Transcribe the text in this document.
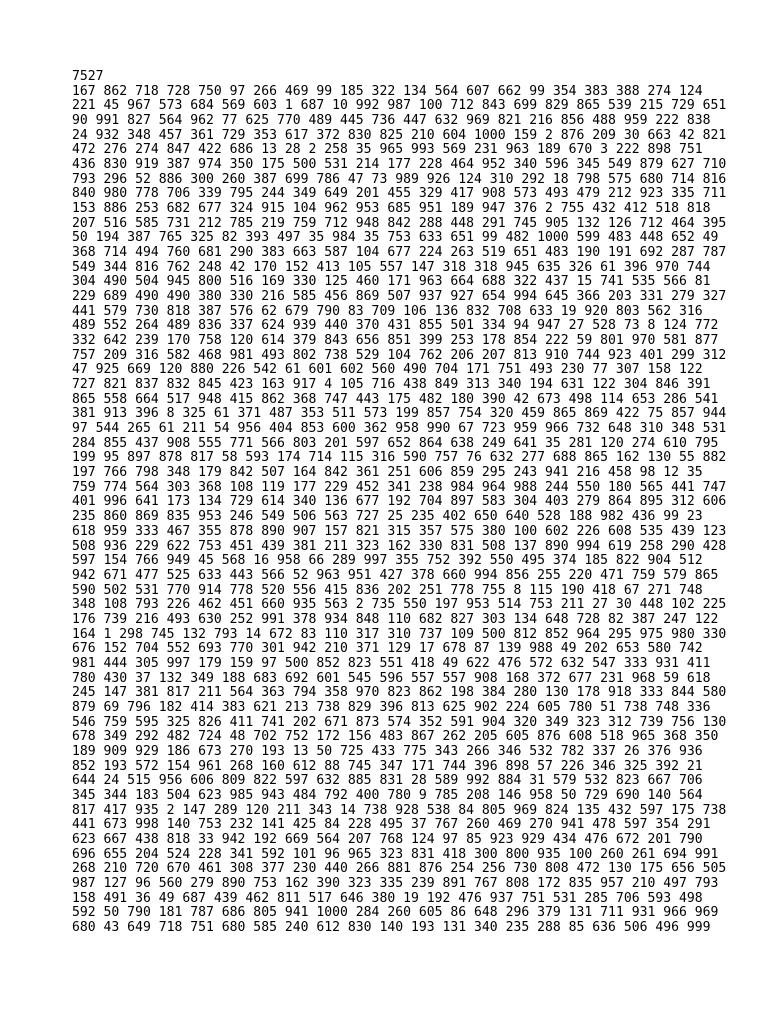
7527
167 862 718 728 750 97 266 469 99 185 322 134 564 607 662 99 354 383 388 274 124
221 45 967 573 684 569 603 1 687 10 992 987 100 712 843 699 829 865 539 215 729 651
90 991 827 564 962 77 625 770 489 445 736 447 632 969 821 216 856 488 959 222 838
24 932 348 457 361 729 353 617 372 830 825 210 604 1000 159 2 876 209 30 663 42 821
472 276 274 847 422 686 13 28 2 258 35 965 993 569 231 963 189 670 3 222 898 751
436 830 919 387 974 350 175 500 531 214 177 228 464 952 340 596 345 549 879 627 710
793 296 52 886 300 260 387 699 786 47 73 989 926 124 310 292 18 798 575 680 714 816
840 980 778 706 339 795 244 349 649 201 455 329 417 908 573 493 479 212 923 335 711
153 886 253 682 677 324 915 104 962 953 685 951 189 947 376 2 755 432 412 518 818
207 516 585 731 212 785 219 759 712 948 842 288 448 291 745 905 132 126 712 464 395
50 194 387 765 325 82 393 497 35 984 35 753 633 651 99 482 1000 599 483 448 652 49
368 714 494 760 681 290 383 663 587 104 677 224 263 519 651 483 190 191 692 287 787
549 344 816 762 248 42 170 152 413 105 557 147 318 318 945 635 326 61 396 970 744
304 490 504 945 800 516 169 330 125 460 171 963 664 688 322 437 15 741 535 566 81
229 689 490 490 380 330 216 585 456 869 507 937 927 654 994 645 366 203 331 279 327
441 579 730 818 387 576 62 679 790 83 709 106 136 832 708 633 19 920 803 562 316
489 552 264 489 836 337 624 939 440 370 431 855 501 334 94 947 27 528 73 8 124 772
332 642 239 170 758 120 614 379 843 656 851 399 253 178 854 222 59 801 970 581 877
757 209 316 582 468 981 493 802 738 529 104 762 206 207 813 910 744 923 401 299 312
47 925 669 120 880 226 542 61 601 602 560 490 704 171 751 493 230 77 307 158 122
727 821 837 832 845 423 163 917 4 105 716 438 849 313 340 194 631 122 304 846 391
865 558 664 517 948 415 862 368 747 443 175 482 180 390 42 673 498 114 653 286 541
381 913 396 8 325 61 371 487 353 511 573 199 857 754 320 459 865 869 422 75 857 944
97 544 265 61 211 54 956 404 853 600 362 958 990 67 723 959 966 732 648 310 348 531
284 855 437 908 555 771 566 803 201 597 652 864 638 249 641 35 281 120 274 610 795
199 95 897 878 817 58 593 174 714 115 316 590 757 76 632 277 688 865 162 130 55 882
197 766 798 348 179 842 507 164 842 361 251 606 859 295 243 941 216 458 98 12 35
759 774 564 303 368 108 119 177 229 452 341 238 984 964 988 244 550 180 565 441 747
401 996 641 173 134 729 614 340 136 677 192 704 897 583 304 403 279 864 895 312 606
235 860 869 835 953 246 549 506 563 727 25 235 402 650 640 528 188 982 436 99 23
618 959 333 467 355 878 890 907 157 821 315 357 575 380 100 602 226 608 535 439 123
508 936 229 622 753 451 439 381 211 323 162 330 831 508 137 890 994 619 258 290 428
597 154 766 949 45 568 16 958 66 289 997 355 752 392 550 495 374 185 822 904 512
942 671 477 525 633 443 566 52 963 951 427 378 660 994 856 255 220 471 759 579 865
590 502 531 770 914 778 520 556 415 836 202 251 778 755 8 115 190 418 67 271 748
348 108 793 226 462 451 660 935 563 2 735 550 197 953 514 753 211 27 30 448 102 225
176 739 216 493 630 252 991 378 934 848 110 682 827 303 134 648 728 82 387 247 122
164 1 298 745 132 793 14 672 83 110 317 310 737 109 500 812 852 964 295 975 980 330
676 152 704 552 693 770 301 942 210 371 129 17 678 87 139 988 49 202 653 580 742
981 444 305 997 179 159 97 500 852 823 551 418 49 622 476 572 632 547 333 931 411
780 430 37 132 349 188 683 692 601 545 596 557 557 908 168 372 677 231 968 59 618
245 147 381 817 211 564 363 794 358 970 823 862 198 384 280 130 178 918 333 844 580
879 69 796 182 414 383 621 213 738 829 396 813 625 902 224 605 780 51 738 748 336
546 759 595 325 826 411 741 202 671 873 574 352 591 904 320 349 323 312 739 756 130
678 349 292 482 724 48 702 752 172 156 483 867 262 205 605 876 608 518 965 368 350
189 909 929 186 673 270 193 13 50 725 433 775 343 266 346 532 782 337 26 376 936
852 193 572 154 961 268 160 612 88 745 347 171 744 396 898 57 226 346 325 392 21
644 24 515 956 606 809 822 597 632 885 831 28 589 992 884 31 579 532 823 667 706
345 344 183 504 623 985 943 484 792 400 780 9 785 208 146 958 50 729 690 140 564
817 417 935 2 147 289 120 211 343 14 738 928 538 84 805 969 824 135 432 597 175 738
441 673 998 140 753 232 141 425 84 228 495 37 767 260 469 270 941 478 597 354 291
623 667 438 818 33 942 192 669 564 207 768 124 97 85 923 929 434 476 672 201 790
696 655 204 524 228 341 592 101 96 965 323 831 418 300 800 935 100 260 261 694 991
268 210 720 670 461 308 377 230 440 266 881 876 254 256 730 808 472 130 175 656 505
987 127 96 560 279 890 753 162 390 323 335 239 891 767 808 172 835 957 210 497 793
158 491 36 49 687 439 462 811 517 646 380 19 192 476 937 751 531 285 706 593 498
592 50 790 181 787 686 805 941 1000 284 260 605 86 648 296 379 131 711 931 966 969
680 43 649 718 751 680 585 240 612 830 140 193 131 340 235 288 85 636 506 496 999
